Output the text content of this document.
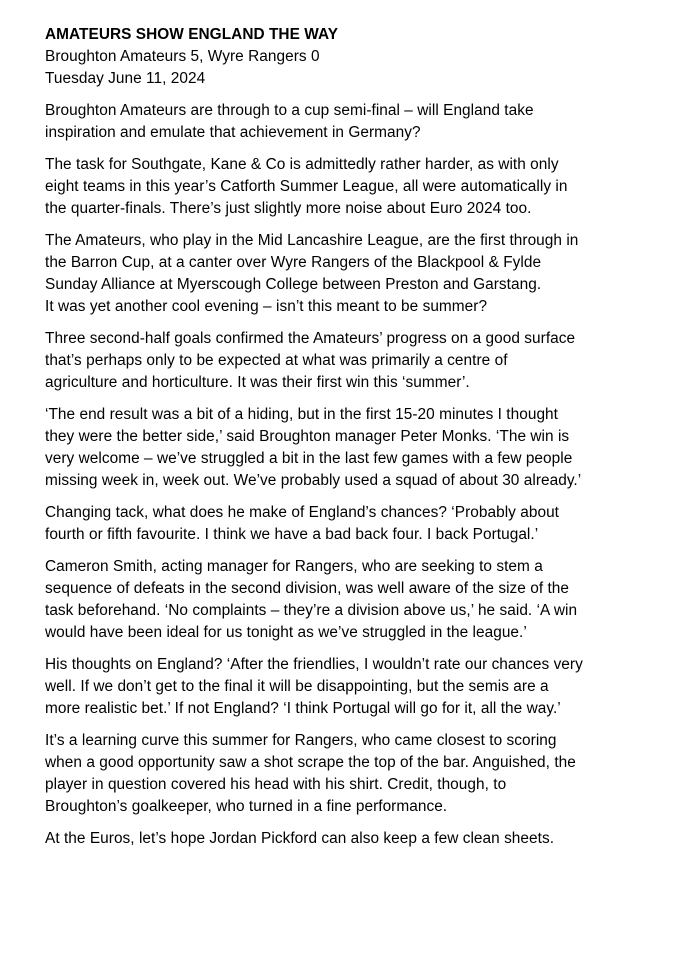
AMATEURS SHOW ENGLAND THE WAY

Broughton Amateurs 5, Wyre Rangers 0

Tuesday June 11, 2024

Broughton Amateurs are through to a cup semi-final – will England take
inspiration and emulate that achievement in Germany?

The task for Southgate, Kane & Co is admittedly rather harder, as with only
eight teams in this year’s Catforth Summer League, all were automatically in
the quarter-finals. There’s just slightly more noise about Euro 2024 too.

The Amateurs, who play in the Mid Lancashire League, are the first through in
the Barron Cup, at a canter over Wyre Rangers of the Blackpool & Fylde
Sunday Alliance at Myerscough College between Preston and Garstang.
It was yet another cool evening – isn’t this meant to be summer?

Three second-half goals confirmed the Amateurs’ progress on a good surface
that’s perhaps only to be expected at what was primarily a centre of
agriculture and horticulture. It was their first win this ‘summer’.

‘The end result was a bit of a hiding, but in the first 15-20 minutes I thought
they were the better side,’ said Broughton manager Peter Monks. ‘The win is
very welcome – we’ve struggled a bit in the last few games with a few people
missing week in, week out. We’ve probably used a squad of about 30 already.’

Changing tack, what does he make of England’s chances? ‘Probably about
fourth or fifth favourite. I think we have a bad back four. I back Portugal.’

Cameron Smith, acting manager for Rangers, who are seeking to stem a
sequence of defeats in the second division, was well aware of the size of the
task beforehand. ‘No complaints – they’re a division above us,’ he said. ‘A win
would have been ideal for us tonight as we’ve struggled in the league.’

His thoughts on England? ‘After the friendlies, I wouldn’t rate our chances very
well. If we don’t get to the final it will be disappointing, but the semis are a
more realistic bet.’ If not England? ‘I think Portugal will go for it, all the way.’

It’s a learning curve this summer for Rangers, who came closest to scoring
when a good opportunity saw a shot scrape the top of the bar. Anguished, the
player in question covered his head with his shirt. Credit, though, to
Broughton’s goalkeeper, who turned in a fine performance.

At the Euros, let’s hope Jordan Pickford can also keep a few clean sheets.
